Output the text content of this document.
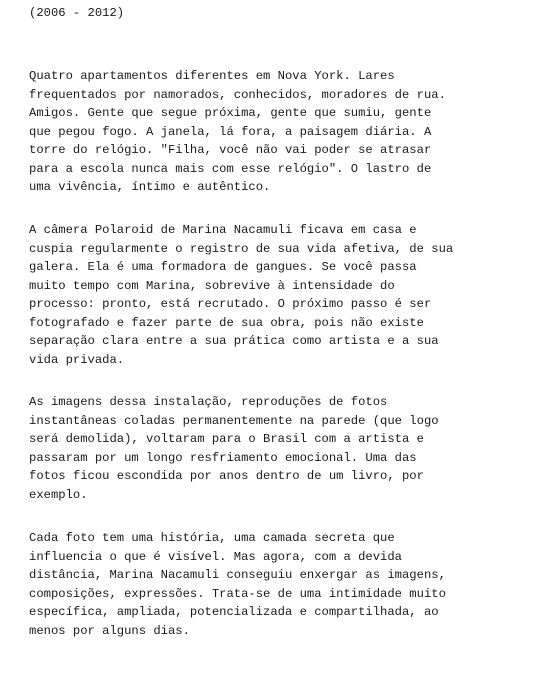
(2006 - 2012)
Quatro apartamentos diferentes em Nova York. Lares
frequentados por namorados, conhecidos, moradores de rua.
Amigos. Gente que segue próxima, gente que sumiu, gente
que pegou fogo. A janela, lá fora, a paisagem diária. A
torre do relógio. "Filha, você não vai poder se atrasar
para a escola nunca mais com esse relógio". O lastro de
uma vivência, íntimo e autêntico.
A câmera Polaroid de Marina Nacamuli ficava em casa e
cuspia regularmente o registro de sua vida afetiva, de sua
galera. Ela é uma formadora de gangues. Se você passa
muito tempo com Marina, sobrevive à intensidade do
processo: pronto, está recrutado. O próximo passo é ser
fotografado e fazer parte de sua obra, pois não existe
separação clara entre a sua prática como artista e a sua
vida privada.
As imagens dessa instalação, reproduções de fotos
instantâneas coladas permanentemente na parede (que logo
será demolida), voltaram para o Brasil com a artista e
passaram por um longo resfriamento emocional. Uma das
fotos ficou escondida por anos dentro de um livro, por
exemplo.
Cada foto tem uma história, uma camada secreta que
influencia o que é visível. Mas agora, com a devida
distância, Marina Nacamuli conseguiu enxergar as imagens,
composições, expressões. Trata-se de uma intimidade muito
específica, ampliada, potencializada e compartilhada, ao
menos por alguns dias.
